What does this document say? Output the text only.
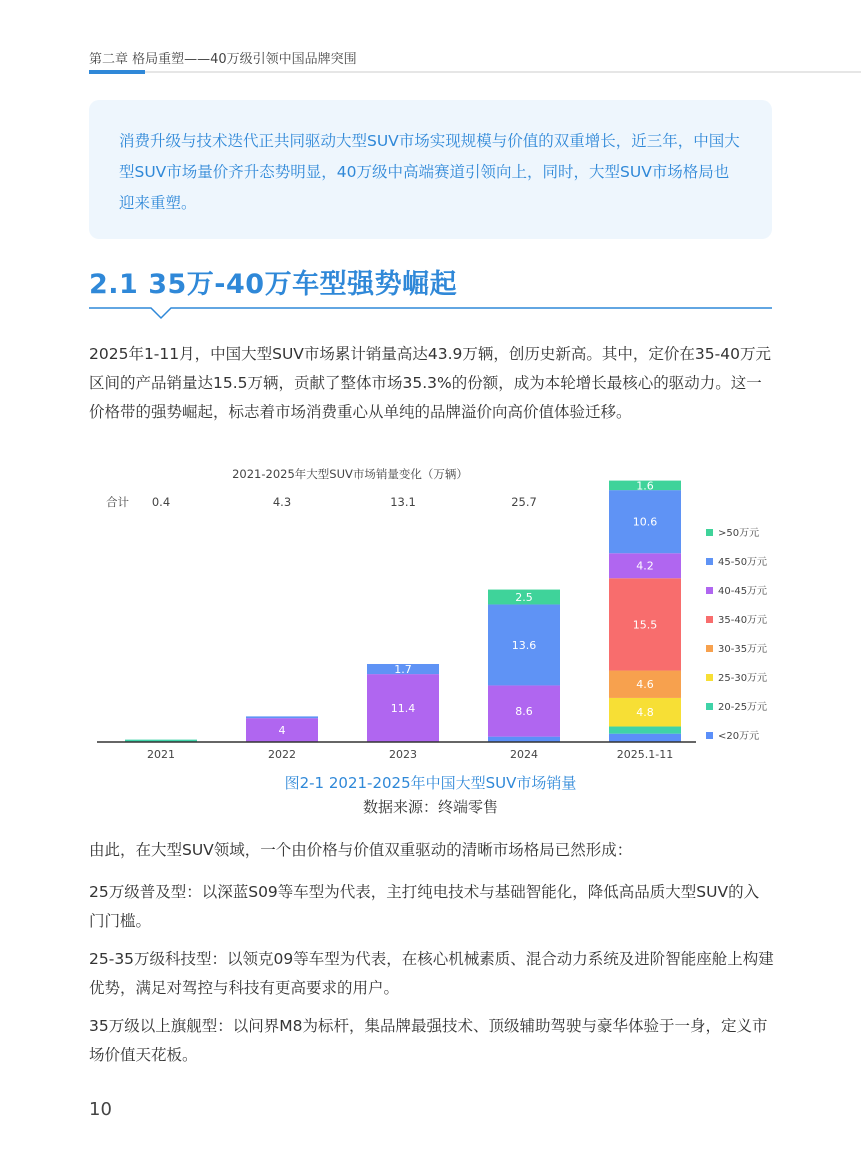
第二章 格局重塑——40万级引领中国品牌突围

消费升级与技术迭代正共同驱动大型SUV市场实现规模与价值的双重增长，近三年，中国大型SUV市场量价齐升态势明显，40万级中高端赛道引领向上，同时，大型SUV市场格局也迎来重塑。

2.1 35万-40万车型强势崛起

2025年1-11月，中国大型SUV市场累计销量高达43.9万辆，创历史新高。其中，定价在35-40万元区间的产品销量达15.5万辆，贡献了整体市场35.3%的份额，成为本轮增长最核心的驱动力。这一价格带的强势崛起，标志着市场消费重心从单纯的品牌溢价向高价值体验迁移。

2021-2025年大型SUV市场销量变化（万辆）
合计 0.4	4.3	13.1	25.7
4
11.4
1.7
8.6
13.6
2.5
4.8
4.6
15.5
4.2
10.6
1.6
2021	2022	2023	2024	2025.1-11
>50万元
45-50万元
40-45万元
35-40万元
30-35万元
25-30万元
20-25万元
<20万元

图2-1 2021-2025年中国大型SUV市场销量

数据来源：终端零售

由此，在大型SUV领域，一个由价格与价值双重驱动的清晰市场格局已然形成：

25万级普及型：以深蓝S09等车型为代表，主打纯电技术与基础智能化，降低高品质大型SUV的入门门槛。

25-35万级科技型：以领克09等车型为代表，在核心机械素质、混合动力系统及进阶智能座舱上构建优势，满足对驾控与科技有更高要求的用户。

35万级以上旗舰型：以问界M8为标杆，集品牌最强技术、顶级辅助驾驶与豪华体验于一身，定义市场价值天花板。

10
